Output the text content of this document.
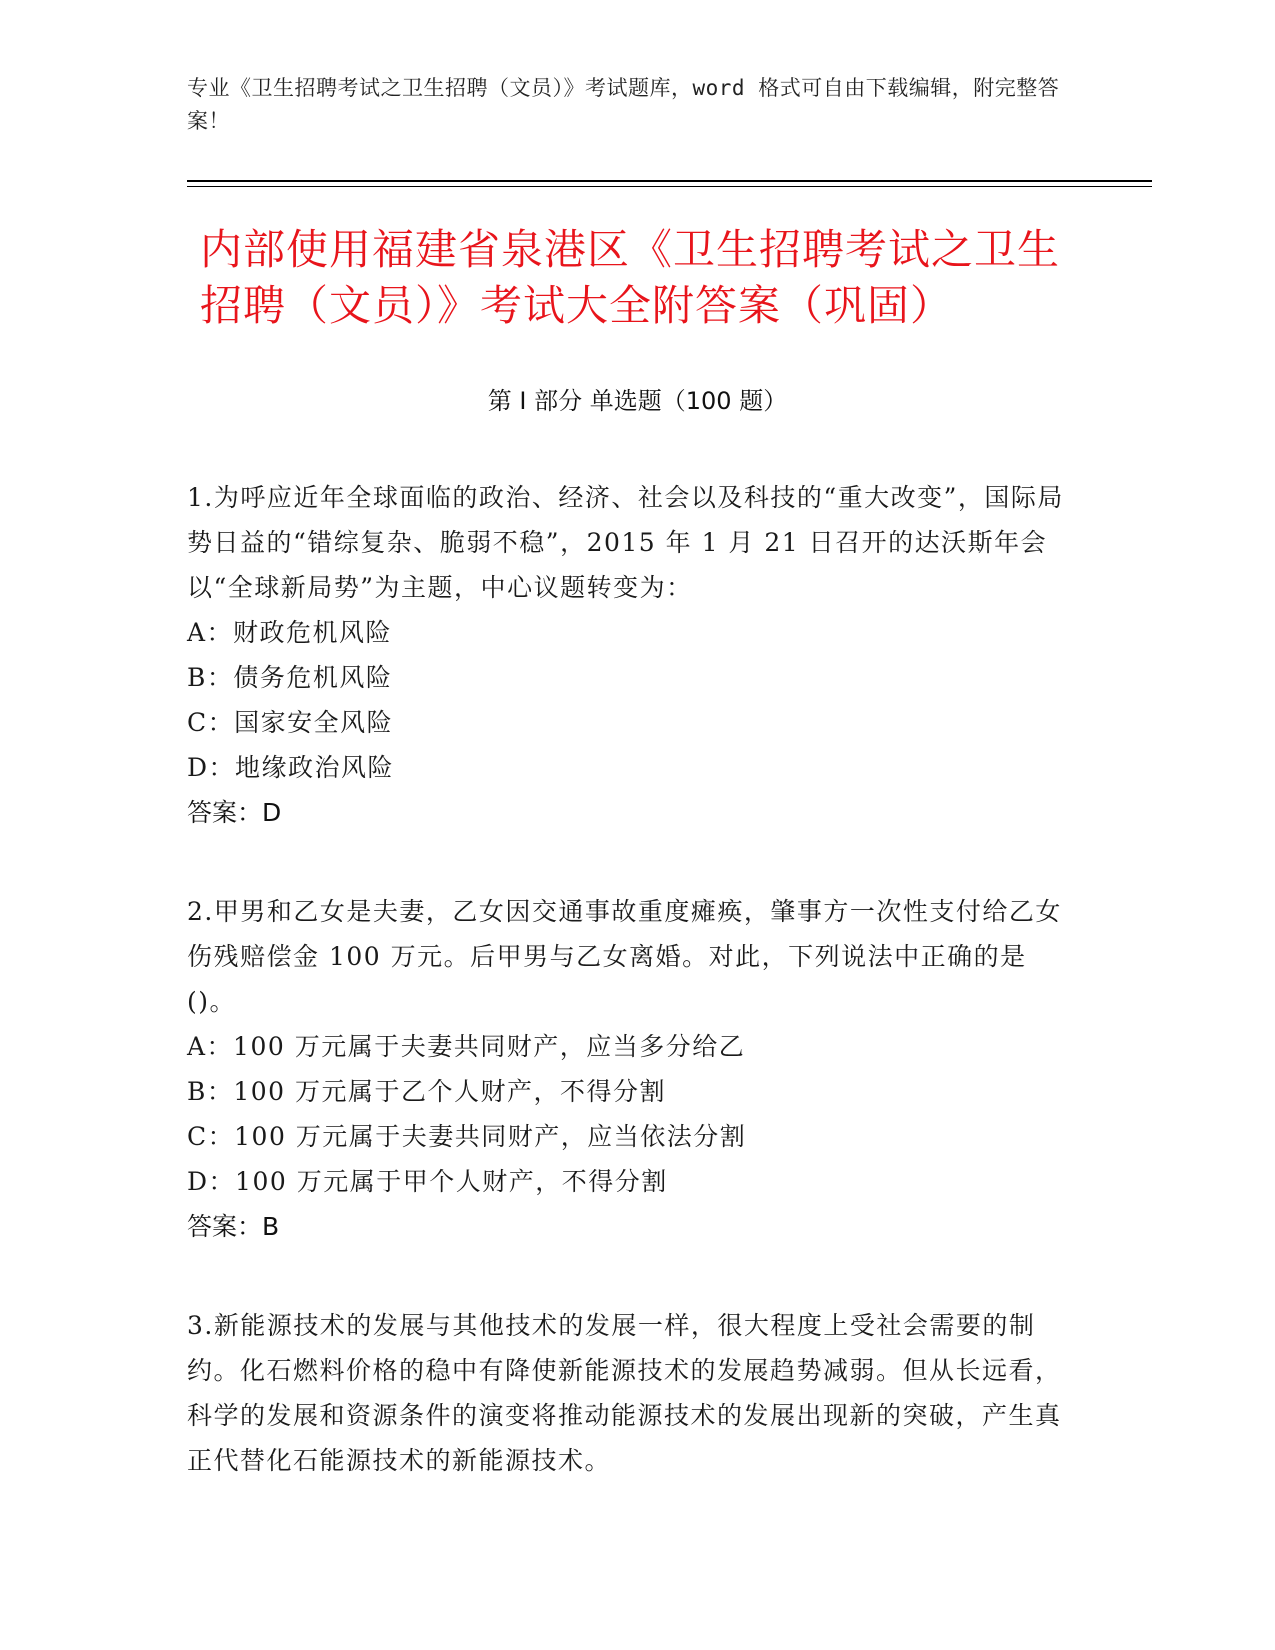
专业《卫生招聘考试之卫生招聘（文员）》考试题库，word 格式可自由下载编辑，附完整答案！
内部使用福建省泉港区《卫生招聘考试之卫生招聘（文员）》考试大全附答案（巩固）
第 I 部分 单选题（100 题）
1.为呼应近年全球面临的政治、经济、社会以及科技的“重大改变”，国际局势日益的“错综复杂、脆弱不稳”，2015 年 1 月 21 日召开的达沃斯年会以“全球新局势”为主题，中心议题转变为：
A：财政危机风险
B：债务危机风险
C：国家安全风险
D：地缘政治风险
答案：D
2.甲男和乙女是夫妻，乙女因交通事故重度瘫痪，肇事方一次性支付给乙女伤残赔偿金 100 万元。后甲男与乙女离婚。对此，下列说法中正确的是()。
A：100 万元属于夫妻共同财产，应当多分给乙
B：100 万元属于乙个人财产，不得分割
C：100 万元属于夫妻共同财产，应当依法分割
D：100 万元属于甲个人财产，不得分割
答案：B
3.新能源技术的发展与其他技术的发展一样，很大程度上受社会需要的制约。化石燃料价格的稳中有降使新能源技术的发展趋势减弱。但从长远看，科学的发展和资源条件的演变将推动能源技术的发展出现新的突破，产生真正代替化石能源技术的新能源技术。
